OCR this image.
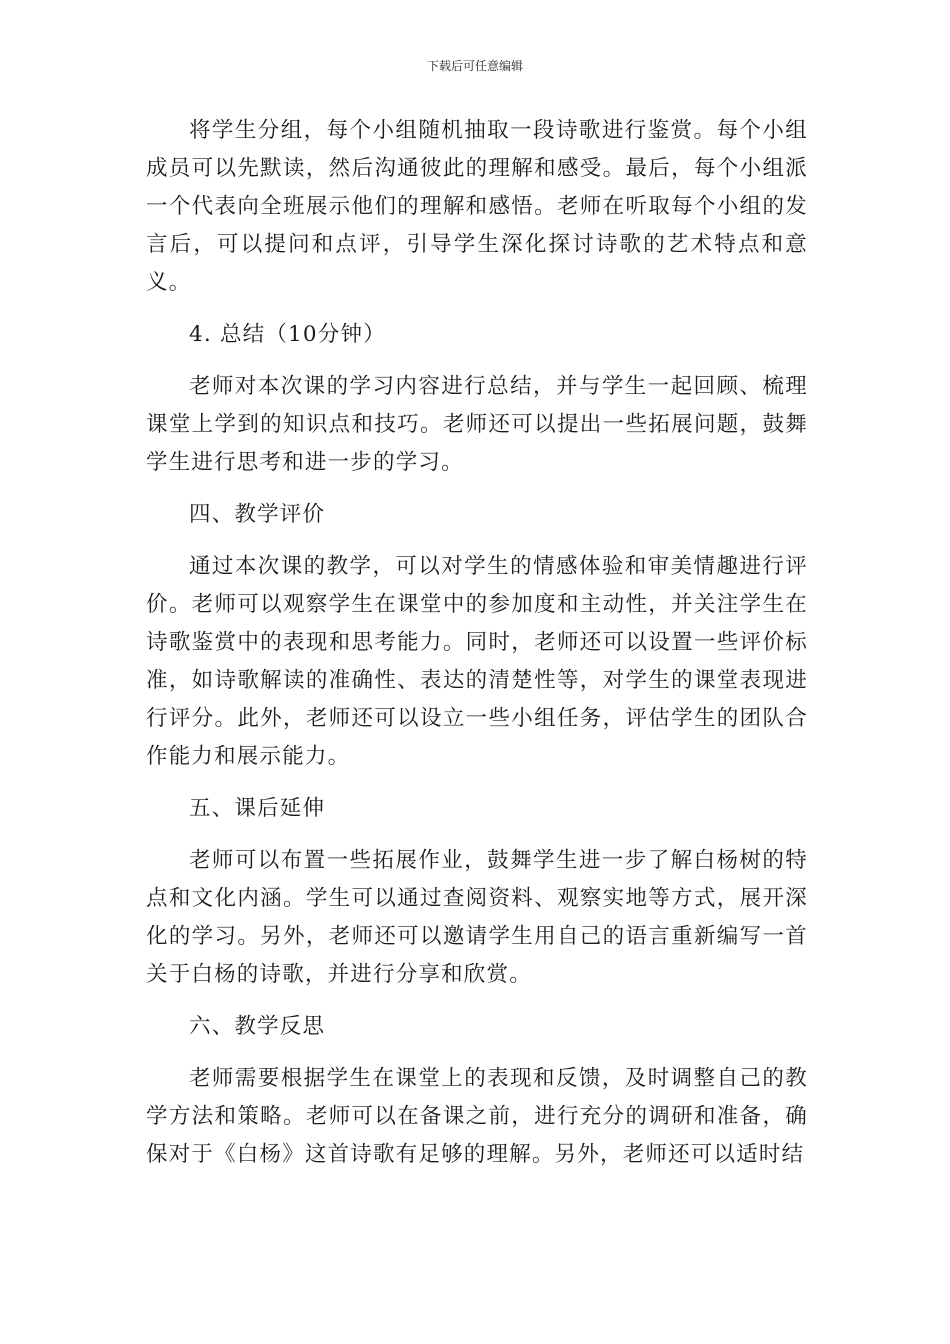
下载后可任意编辑

将学生分组，每个小组随机抽取一段诗歌进行鉴赏。每个小组成员可以先默读，然后沟通彼此的理解和感受。最后，每个小组派一个代表向全班展示他们的理解和感悟。老师在听取每个小组的发言后，可以提问和点评，引导学生深化探讨诗歌的艺术特点和意义。

4. 总结（10分钟）

老师对本次课的学习内容进行总结，并与学生一起回顾、梳理课堂上学到的知识点和技巧。老师还可以提出一些拓展问题，鼓舞学生进行思考和进一步的学习。

四、教学评价

通过本次课的教学，可以对学生的情感体验和审美情趣进行评价。老师可以观察学生在课堂中的参加度和主动性，并关注学生在诗歌鉴赏中的表现和思考能力。同时，老师还可以设置一些评价标准，如诗歌解读的准确性、表达的清楚性等，对学生的课堂表现进行评分。此外，老师还可以设立一些小组任务，评估学生的团队合作能力和展示能力。

五、课后延伸

老师可以布置一些拓展作业，鼓舞学生进一步了解白杨树的特点和文化内涵。学生可以通过查阅资料、观察实地等方式，展开深化的学习。另外，老师还可以邀请学生用自己的语言重新编写一首关于白杨的诗歌，并进行分享和欣赏。

六、教学反思

老师需要根据学生在课堂上的表现和反馈，及时调整自己的教学方法和策略。老师可以在备课之前，进行充分的调研和准备，确保对于《白杨》这首诗歌有足够的理解。另外，老师还可以适时结
